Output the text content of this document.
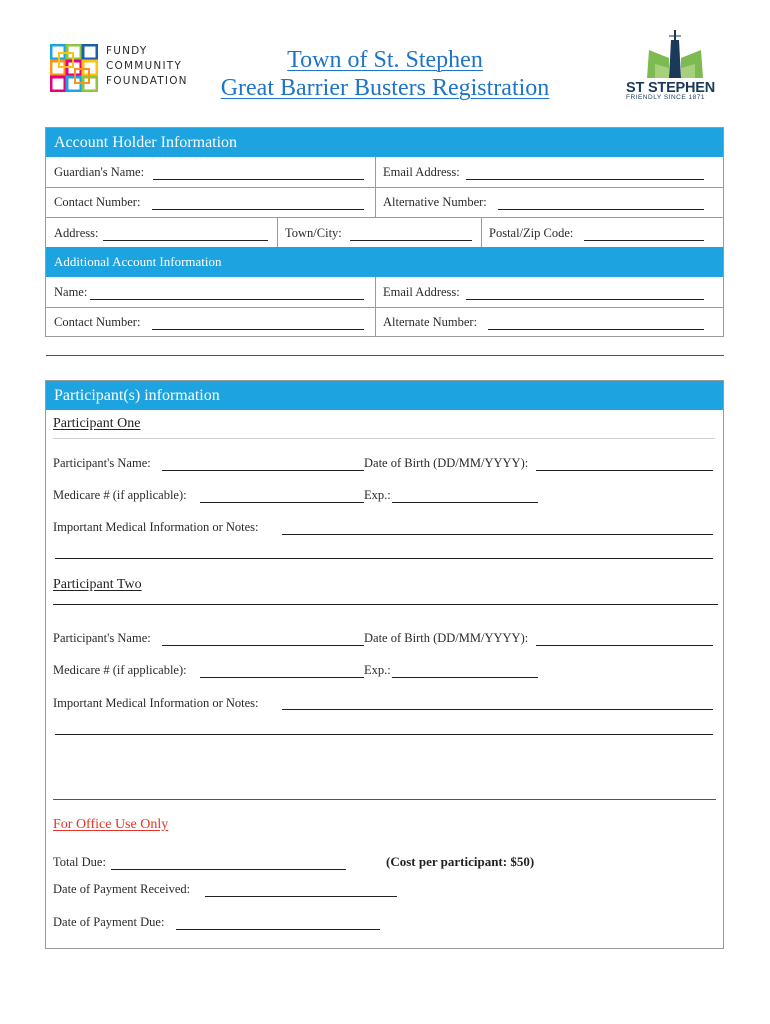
FUNDY
COMMUNITY
FOUNDATION
Town of St. Stephen
Great Barrier Busters Registration	ST STEPHEN
FRIENDLY SINCE 1871
Account Holder Information
Guardian's Name:	Email Address:
Contact Number:	Alternative Number:
Address:	Town/City:	Postal/Zip Code:
Additional Account Information
Name:	Email Address:
Contact Number:	Alternate Number:
Participant(s) information
Participant One
Participant's Name:	Date of Birth (DD/MM/YYYY):
Medicare # (if applicable):	Exp.:
Important Medical Information or Notes:
Participant Two
Participant's Name:	Date of Birth (DD/MM/YYYY):
Medicare # (if applicable):	Exp.:
Important Medical Information or Notes:
For Office Use Only
Total Due:	(Cost per participant: $50)
Date of Payment Received:
Date of Payment Due:
